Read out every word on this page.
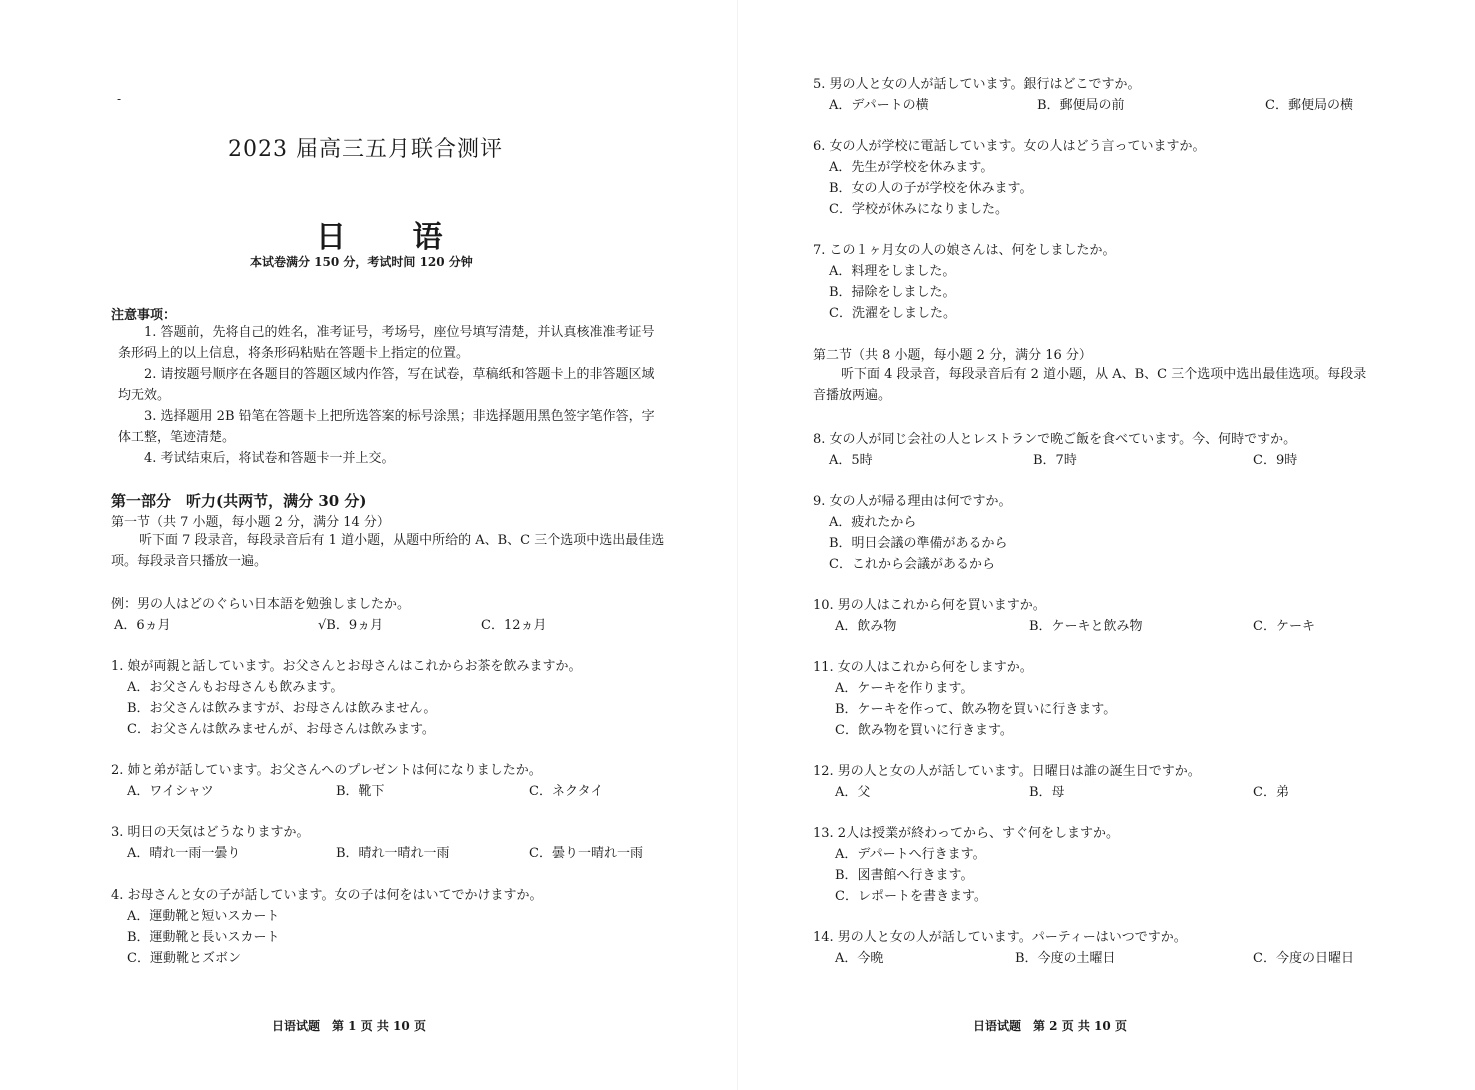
-
2023 届高三五月联合测评
日 语
本试卷满分 150 分，考试时间 120 分钟
注意事项：
1. 答题前，先将自己的姓名，准考证号，考场号，座位号填写清楚，并认真核准准考证号条形码上的以上信息，将条形码粘贴在答题卡上指定的位置。
2. 请按题号顺序在各题目的答题区域内作答，写在试卷，草稿纸和答题卡上的非答题区域均无效。
3. 选择题用 2B 铅笔在答题卡上把所选答案的标号涂黑；非选择题用黑色签字笔作答，字体工整，笔迹清楚。
4. 考试结束后，将试卷和答题卡一并上交。
第一部分　听力(共两节，满分 30 分)
第一节（共 7 小题，每小题 2 分，满分 14 分）
听下面 7 段录音，每段录音后有 1 道小题，从题中所给的 A、B、C 三个选项中选出最佳选项。每段录音只播放一遍。
例：男の人はどのぐらい日本語を勉強しましたか。
A．6ヵ月	√B．9ヵ月	C．12ヵ月
1. 娘が両親と話しています。お父さんとお母さんはこれからお茶を飲みますか。
A．お父さんもお母さんも飲みます。
B．お父さんは飲みますが、お母さんは飲みません。
C．お父さんは飲みませんが、お母さんは飲みます。
2. 姉と弟が話しています。お父さんへのプレゼントは何になりましたか。
A．ワイシャツ	B．靴下	C．ネクタイ
3. 明日の天気はどうなりますか。
A．晴れ一雨一曇り	B．晴れ一晴れ一雨	C．曇り一晴れ一雨
4. お母さんと女の子が話しています。女の子は何をはいてでかけますか。
A．運動靴と短いスカート
B．運動靴と長いスカート
C．運動靴とズボン
日语试题　第 1 页 共 10 页
5. 男の人と女の人が話しています。銀行はどこですか。
A．デパートの横	B．郵便局の前	C．郵便局の横
6. 女の人が学校に電話しています。女の人はどう言っていますか。
A．先生が学校を休みます。
B．女の人の子が学校を休みます。
C．学校が休みになりました。
7. この１ヶ月女の人の娘さんは、何をしましたか。
A．料理をしました。
B．掃除をしました。
C．洗濯をしました。
第二节（共 8 小题，每小题 2 分，满分 16 分）
听下面 4 段录音，每段录音后有 2 道小题，从 A、B、C 三个选项中选出最佳选项。每段录音播放两遍。
8. 女の人が同じ会社の人とレストランで晩ご飯を食べています。今、何時ですか。
A．5時	B．7時	C．9時
9. 女の人が帰る理由は何ですか。
A．疲れたから
B．明日会議の準備があるから
C．これから会議があるから
10. 男の人はこれから何を買いますか。
A．飲み物	B．ケーキと飲み物	C．ケーキ
11. 女の人はこれから何をしますか。
A．ケーキを作ります。
B．ケーキを作って、飲み物を買いに行きます。
C．飲み物を買いに行きます。
12. 男の人と女の人が話しています。日曜日は誰の誕生日ですか。
A．父	B．母	C．弟
13. 2人は授業が終わってから、すぐ何をしますか。
A．デパートへ行きます。
B．図書館へ行きます。
C．レポートを書きます。
14. 男の人と女の人が話しています。パーティーはいつですか。
A．今晩	B．今度の土曜日	C．今度の日曜日
日语试题　第 2 页 共 10 页
